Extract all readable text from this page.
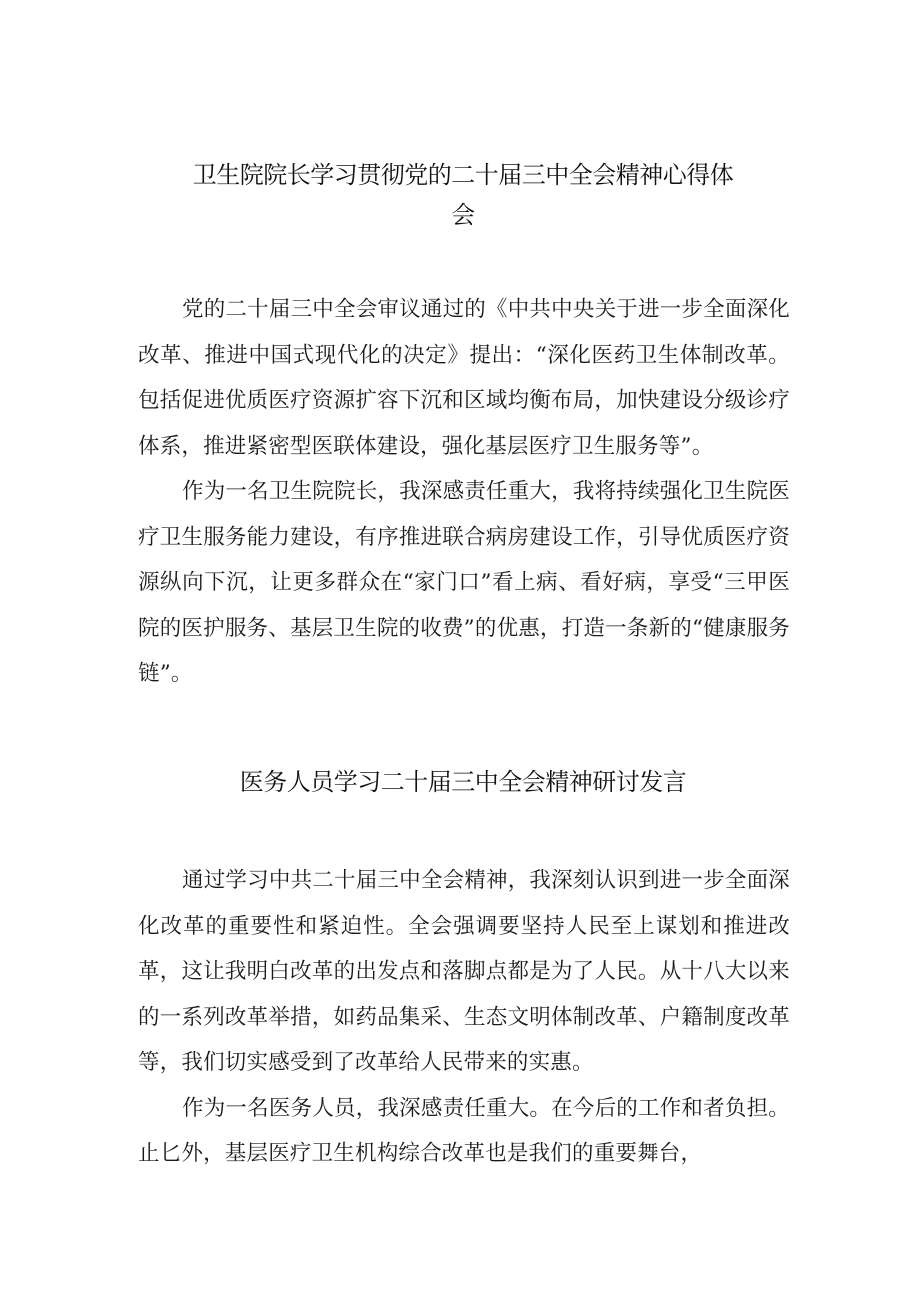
卫生院院长学习贯彻党的二十届三中全会精神心得体
会

党的二十届三中全会审议通过的《中共中央关于进一步全面深化改革、推进中国式现代化的决定》提出：“深化医药卫生体制改革。包括促进优质医疗资源扩容下沉和区域均衡布局，加快建设分级诊疗体系，推进紧密型医联体建设，强化基层医疗卫生服务等”。

作为一名卫生院院长，我深感责任重大，我将持续强化卫生院医疗卫生服务能力建设，有序推进联合病房建设工作，引导优质医疗资源纵向下沉，让更多群众在“家门口”看上病、看好病，享受“三甲医院的医护服务、基层卫生院的收费”的优惠，打造一条新的“健康服务链”。

医务人员学习二十届三中全会精神研讨发言

通过学习中共二十届三中全会精神，我深刻认识到进一步全面深化改革的重要性和紧迫性。全会强调要坚持人民至上谋划和推进改革，这让我明白改革的出发点和落脚点都是为了人民。从十八大以来的一系列改革举措，如药品集采、生态文明体制改革、户籍制度改革等，我们切实感受到了改革给人民带来的实惠。

作为一名医务人员，我深感责任重大。在今后的工作和者负担。止匕外，基层医疗卫生机构综合改革也是我们的重要舞台，
